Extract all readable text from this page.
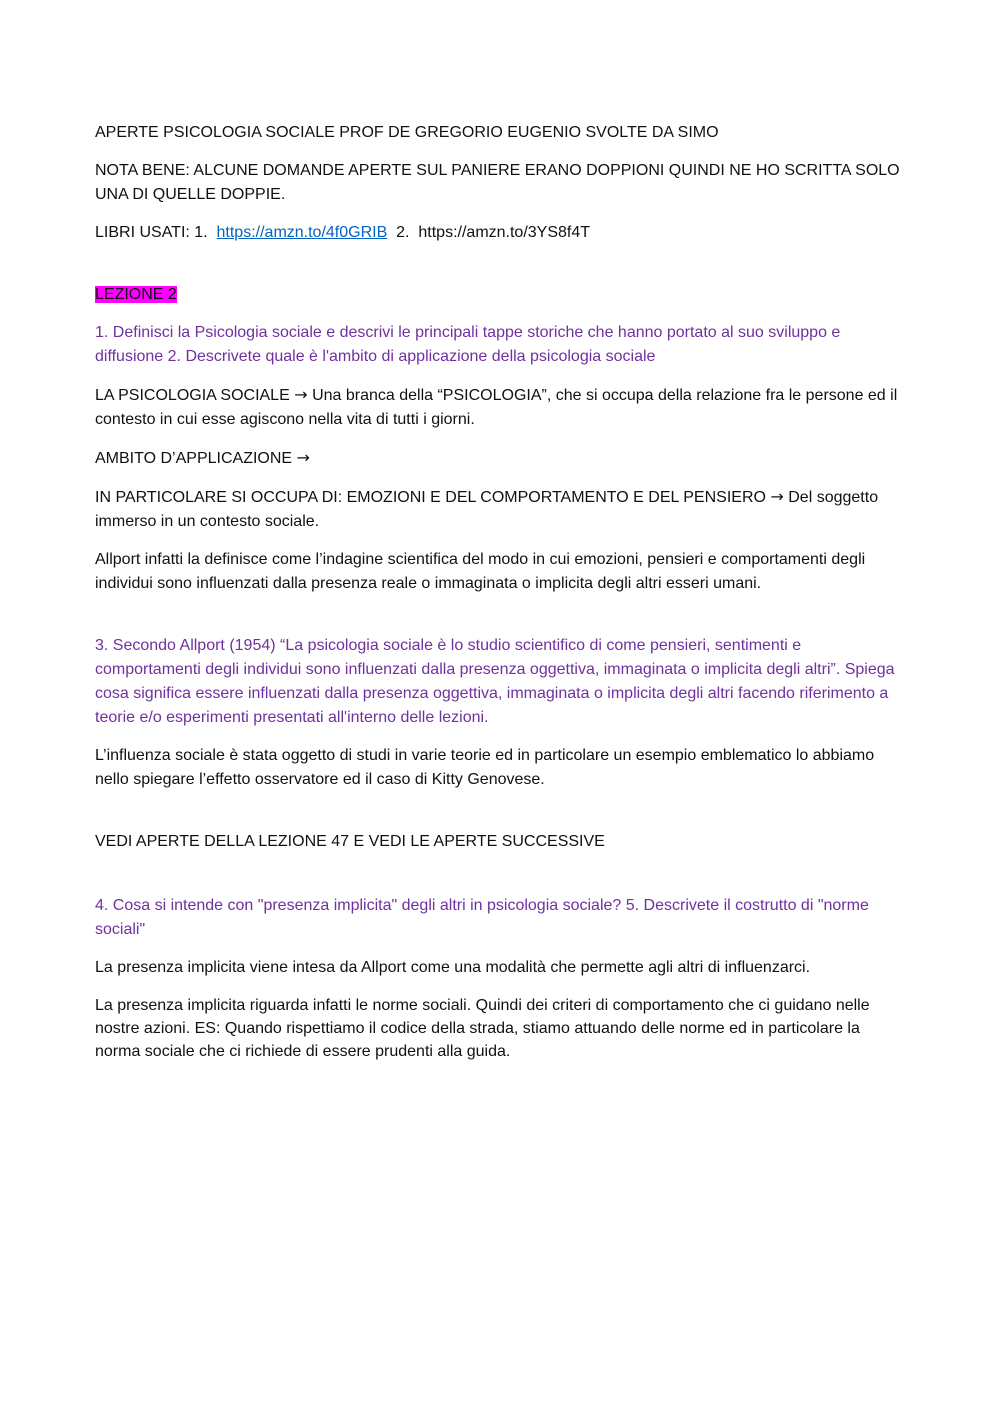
APERTE PSICOLOGIA SOCIALE PROF DE GREGORIO EUGENIO SVOLTE DA SIMO

NOTA BENE: ALCUNE DOMANDE APERTE SUL PANIERE ERANO DOPPIONI QUINDI NE HO SCRITTA SOLO UNA DI QUELLE DOPPIE.

LIBRI USATI: 1. https://amzn.to/4f0GRIB 2. https://amzn.to/3YS8f4T

LEZIONE 2

1. Definisci la Psicologia sociale e descrivi le principali tappe storiche che hanno portato al suo sviluppo e diffusione 2. Descrivete quale è l'ambito di applicazione della psicologia sociale

LA PSICOLOGIA SOCIALE → Una branca della “PSICOLOGIA”, che si occupa della relazione fra le persone ed il contesto in cui esse agiscono nella vita di tutti i giorni.

AMBITO D’APPLICAZIONE →

IN PARTICOLARE SI OCCUPA DI: EMOZIONI E DEL COMPORTAMENTO E DEL PENSIERO → Del soggetto immerso in un contesto sociale.

Allport infatti la definisce come l’indagine scientifica del modo in cui emozioni, pensieri e comportamenti degli individui sono influenzati dalla presenza reale o immaginata o implicita degli altri esseri umani.

3. Secondo Allport (1954) “La psicologia sociale è lo studio scientifico di come pensieri, sentimenti e comportamenti degli individui sono influenzati dalla presenza oggettiva, immaginata o implicita degli altri”. Spiega cosa significa essere influenzati dalla presenza oggettiva, immaginata o implicita degli altri facendo riferimento a teorie e/o esperimenti presentati all'interno delle lezioni.

L’influenza sociale è stata oggetto di studi in varie teorie ed in particolare un esempio emblematico lo abbiamo nello spiegare l’effetto osservatore ed il caso di Kitty Genovese.

VEDI APERTE DELLA LEZIONE 47 E VEDI LE APERTE SUCCESSIVE

4. Cosa si intende con "presenza implicita" degli altri in psicologia sociale? 5. Descrivete il costrutto di "norme sociali"

La presenza implicita viene intesa da Allport come una modalità che permette agli altri di influenzarci.

La presenza implicita riguarda infatti le norme sociali. Quindi dei criteri di comportamento che ci guidano nelle nostre azioni. ES: Quando rispettiamo il codice della strada, stiamo attuando delle norme ed in particolare la norma sociale che ci richiede di essere prudenti alla guida.
